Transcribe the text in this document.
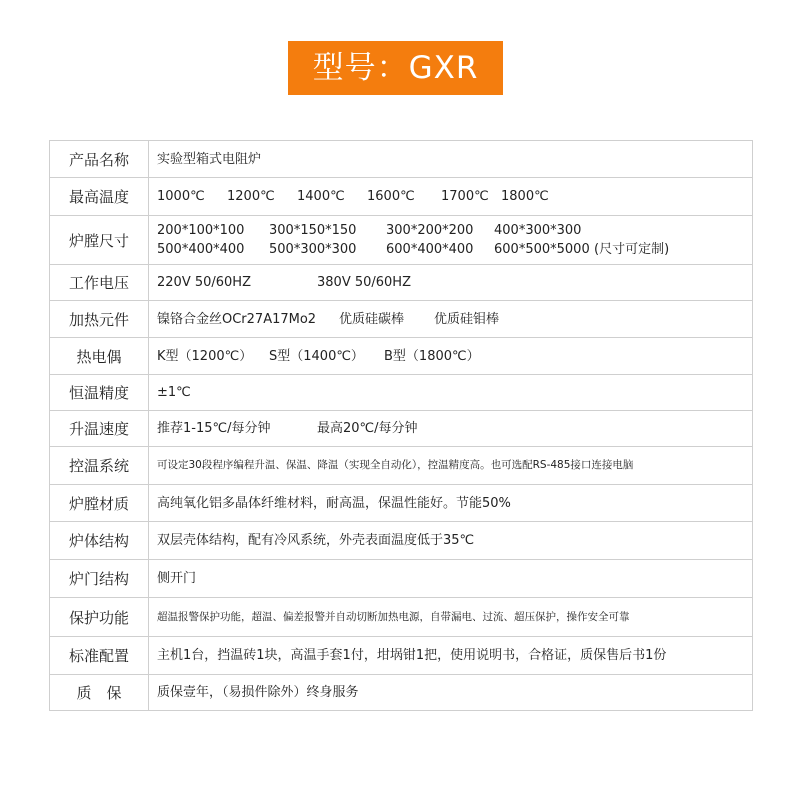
型号：GXR
产品名称	实验型箱式电阻炉

最高温度	1000℃ 1200℃ 1400℃ 1600℃ 1700℃ 1800℃

炉膛尺寸	200*100*100 300*150*150 300*200*200 400*300*300
500*400*400 500*300*300 600*400*400 600*500*5000 (尺寸可定制)

工作电压	220V 50/60HZ 380V 50/60HZ

加热元件	镍铬合金丝OCr27A17Mo2 优质硅碳棒 优质硅钼棒

热电偶	K型（1200℃） S型（1400℃） B型（1800℃）

恒温精度	±1℃

升温速度	推荐1-15℃/每分钟 最高20℃/每分钟

控温系统	可设定30段程序编程升温、保温、降温（实现全自动化），控温精度高。也可选配RS-485接口连接电脑

炉膛材质	高纯氧化铝多晶体纤维材料，耐高温，保温性能好。节能50%

炉体结构	双层壳体结构，配有冷风系统，外壳表面温度低于35℃

炉门结构	侧开门

保护功能	超温报警保护功能，超温、偏差报警并自动切断加热电源，自带漏电、过流、超压保护，操作安全可靠

标准配置	主机1台，挡温砖1块，高温手套1付，坩埚钳1把，使用说明书，合格证，质保售后书1份

质　保	质保壹年，（易损件除外）终身服务
